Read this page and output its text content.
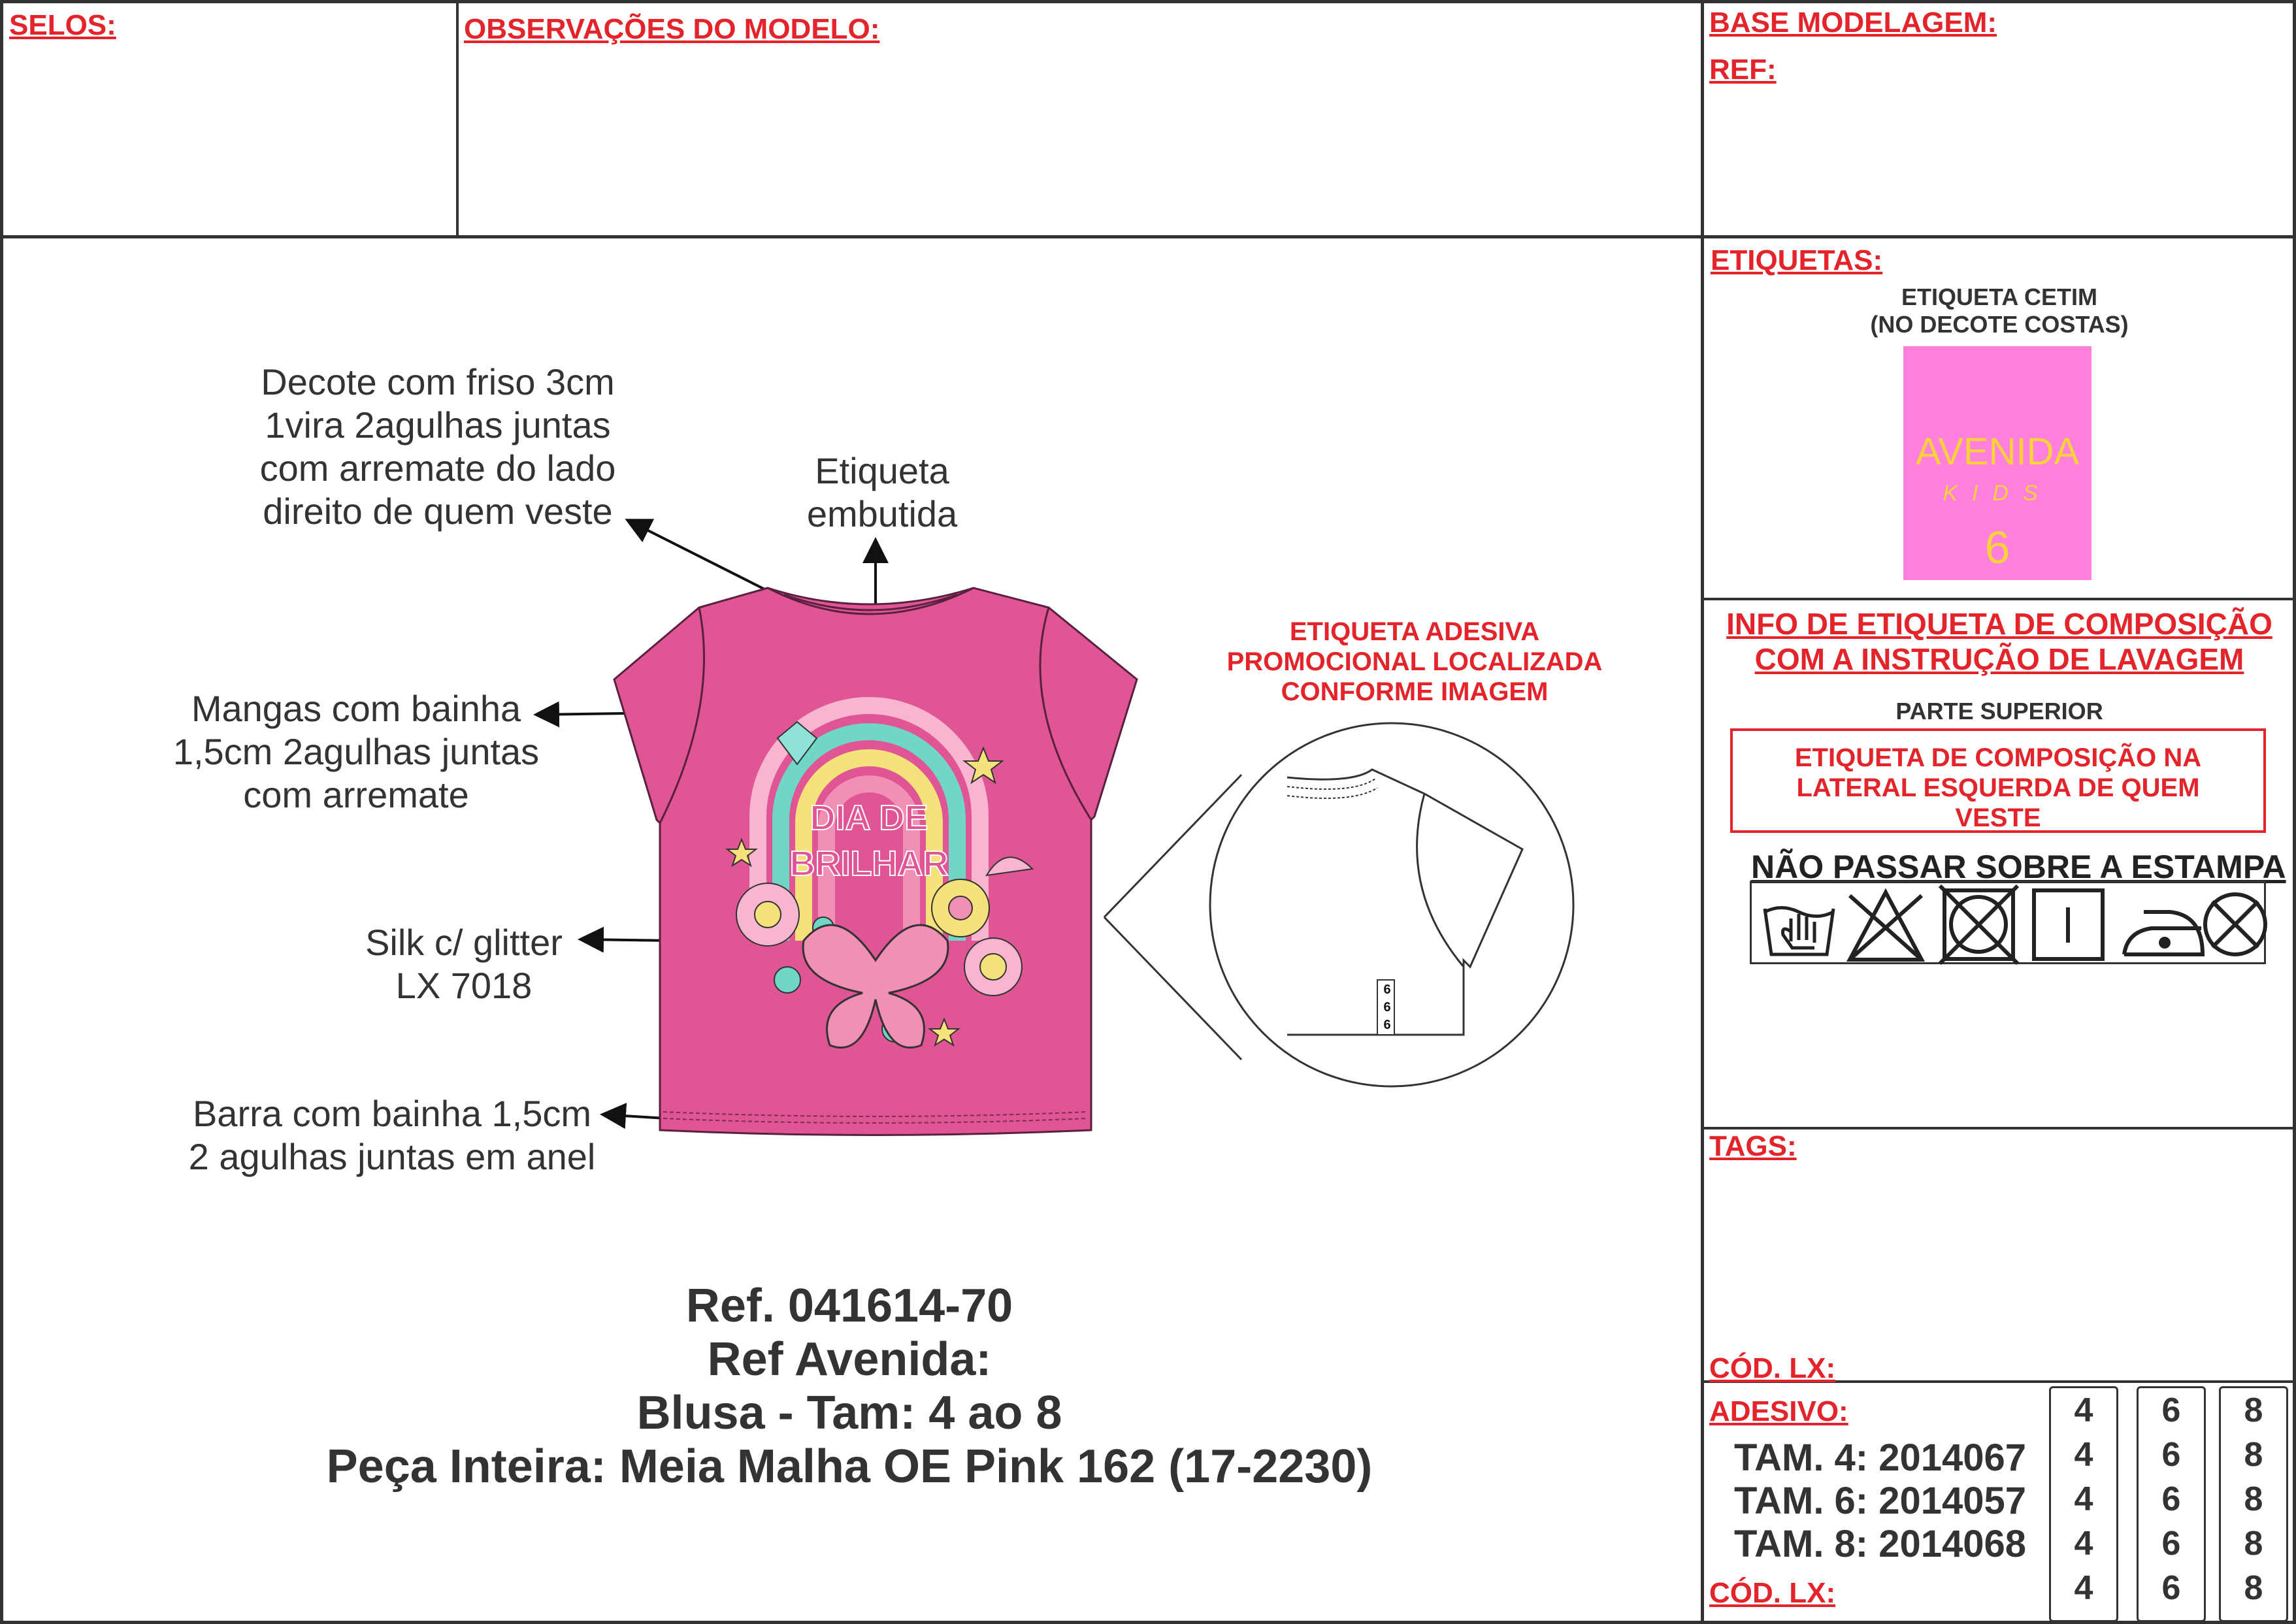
SELOS:	OBSERVAÇÕES DO MODELO:	BASE MODELAGEM:
REF:
ETIQUETAS:
ETIQUETA CETIM
(NO DECOTE COSTAS)
AVENIDA
KIDS
6
INFO DE ETIQUETA DE COMPOSIÇÃO
COM A INSTRUÇÃO DE LAVAGEM
PARTE SUPERIOR
ETIQUETA DE COMPOSIÇÃO NA
LATERAL ESQUERDA DE QUEM
VESTE
NÃO PASSAR SOBRE A ESTAMPA
TAGS:
CÓD. LX:
ADESIVO:
TAM. 4: 2014067
TAM. 6: 2014057
TAM. 8: 2014068
CÓD. LX:
4
4
4
4
4
6
6
6
6
6
8
8
8
8
8
Decote com friso 3cm
1vira 2agulhas juntas
com arremate do lado
direito de quem veste
Etiqueta
embutida
Mangas com bainha
1,5cm 2agulhas juntas
com arremate
Silk c/ glitter
LX 7018
Barra com bainha 1,5cm
2 agulhas juntas em anel
ETIQUETA ADESIVA
PROMOCIONAL LOCALIZADA
CONFORME IMAGEM
DIA DE
BRILHAR
6 6 6
Ref. 041614-70
Ref Avenida:
Blusa - Tam: 4 ao 8
Peça Inteira: Meia Malha OE Pink 162 (17-2230)
